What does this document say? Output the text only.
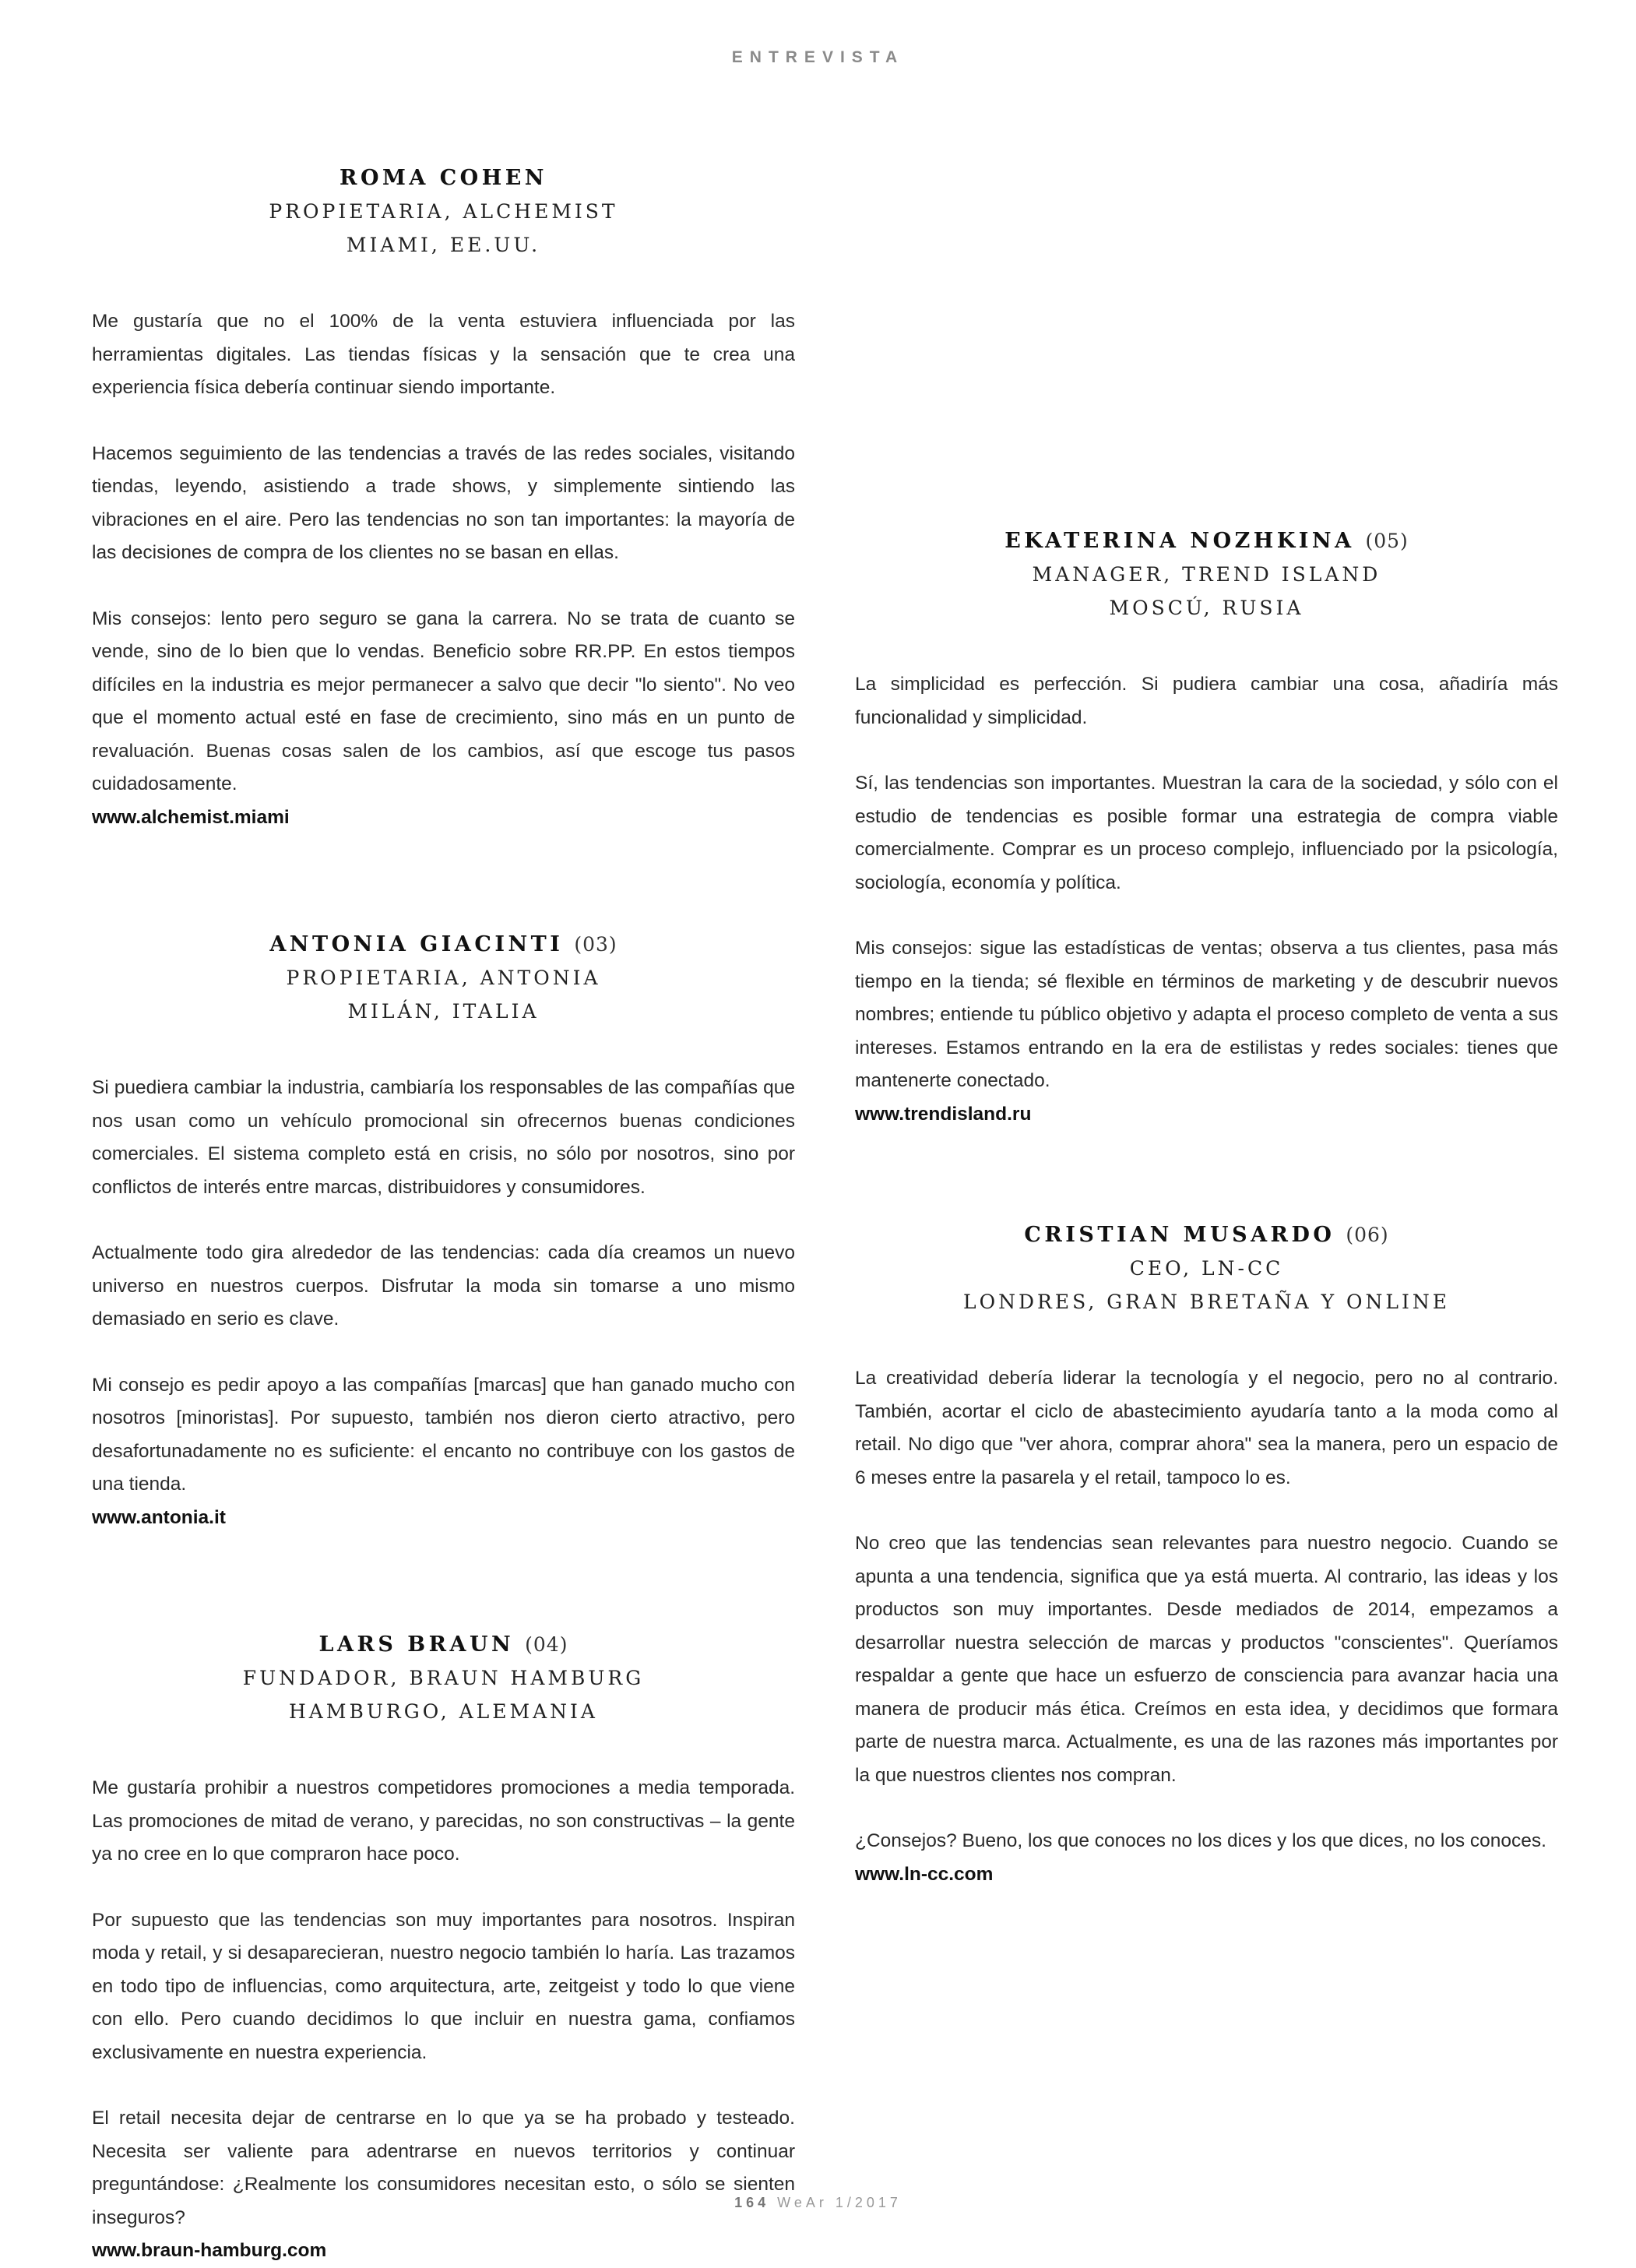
ENTREVISTA
ROMA COHEN
PROPIETARIA, ALCHEMIST
MIAMI, EE.UU.

Me gustaría que no el 100% de la venta estuviera influenciada por las herramientas digitales. Las tiendas físicas y la sensación que te crea una experiencia física debería continuar siendo importante.

Hacemos seguimiento de las tendencias a través de las redes sociales, visitando tiendas, leyendo, asistiendo a trade shows, y simplemente sintiendo las vibraciones en el aire. Pero las tendencias no son tan importantes: la mayoría de las decisiones de compra de los clientes no se basan en ellas.

Mis consejos: lento pero seguro se gana la carrera. No se trata de cuanto se vende, sino de lo bien que lo vendas. Beneficio sobre RR.PP. En estos tiempos difíciles en la industria es mejor permanecer a salvo que decir "lo siento". No veo que el momento actual esté en fase de crecimiento, sino más en un punto de revaluación. Buenas cosas salen de los cambios, así que escoge tus pasos cuidadosamente.

www.alchemist.miami
ANTONIA GIACINTI (03)
PROPIETARIA, ANTONIA
MILÁN, ITALIA

Si puediera cambiar la industria, cambiaría los responsables de las compañías que nos usan como un vehículo promocional sin ofrecernos buenas condiciones comerciales. El sistema completo está en crisis, no sólo por nosotros, sino por conflictos de interés entre marcas, distribuidores y consumidores.

Actualmente todo gira alrededor de las tendencias: cada día creamos un nuevo universo en nuestros cuerpos. Disfrutar la moda sin tomarse a uno mismo demasiado en serio es clave.

Mi consejo es pedir apoyo a las compañías [marcas] que han ganado mucho con nosotros [minoristas]. Por supuesto, también nos dieron cierto atractivo, pero desafortunadamente no es suficiente: el encanto no contribuye con los gastos de una tienda.

www.antonia.it
LARS BRAUN (04)
FUNDADOR, BRAUN HAMBURG
HAMBURGO, ALEMANIA

Me gustaría prohibir a nuestros competidores promociones a media temporada. Las promociones de mitad de verano, y parecidas, no son constructivas – la gente ya no cree en lo que compraron hace poco.

Por supuesto que las tendencias son muy importantes para nosotros. Inspiran moda y retail, y si desaparecieran, nuestro negocio también lo haría. Las trazamos en todo tipo de influencias, como arquitectura, arte, zeitgeist y todo lo que viene con ello. Pero cuando decidimos lo que incluir en nuestra gama, confiamos exclusivamente en nuestra experiencia.

El retail necesita dejar de centrarse en lo que ya se ha probado y testeado. Necesita ser valiente para adentrarse en nuevos territorios y continuar preguntándose: ¿Realmente los consumidores necesitan esto, o sólo se sienten inseguros?

www.braun-hamburg.com
EKATERINA NOZHKINA (05)
MANAGER, TREND ISLAND
MOSCÚ, RUSIA

La simplicidad es perfección. Si pudiera cambiar una cosa, añadiría más funcionalidad y simplicidad.

Sí, las tendencias son importantes. Muestran la cara de la sociedad, y sólo con el estudio de tendencias es posible formar una estrategia de compra viable comercialmente. Comprar es un proceso complejo, influenciado por la psicología, sociología, economía y política.

Mis consejos: sigue las estadísticas de ventas; observa a tus clientes, pasa más tiempo en la tienda; sé flexible en términos de marketing y de descubrir nuevos nombres; entiende tu público objetivo y adapta el proceso completo de venta a sus intereses. Estamos entrando en la era de estilistas y redes sociales: tienes que mantenerte conectado.

www.trendisland.ru
CRISTIAN MUSARDO (06)
CEO, LN-CC
LONDRES, GRAN BRETAÑA Y ONLINE

La creatividad debería liderar la tecnología y el negocio, pero no al contrario. También, acortar el ciclo de abastecimiento ayudaría tanto a la moda como al retail. No digo que "ver ahora, comprar ahora" sea la manera, pero un espacio de 6 meses entre la pasarela y el retail, tampoco lo es.

No creo que las tendencias sean relevantes para nuestro negocio. Cuando se apunta a una tendencia, significa que ya está muerta. Al contrario, las ideas y los productos son muy importantes. Desde mediados de 2014, empezamos a desarrollar nuestra selección de marcas y productos "conscientes". Queríamos respaldar a gente que hace un esfuerzo de consciencia para avanzar hacia una manera de producir más ética. Creímos en esta idea, y decidimos que formara parte de nuestra marca. Actualmente, es una de las razones más importantes por la que nuestros clientes nos compran.

¿Consejos? Bueno, los que conoces no los dices y los que dices, no los conoces.

www.ln-cc.com
164 WeAr 1/2017
